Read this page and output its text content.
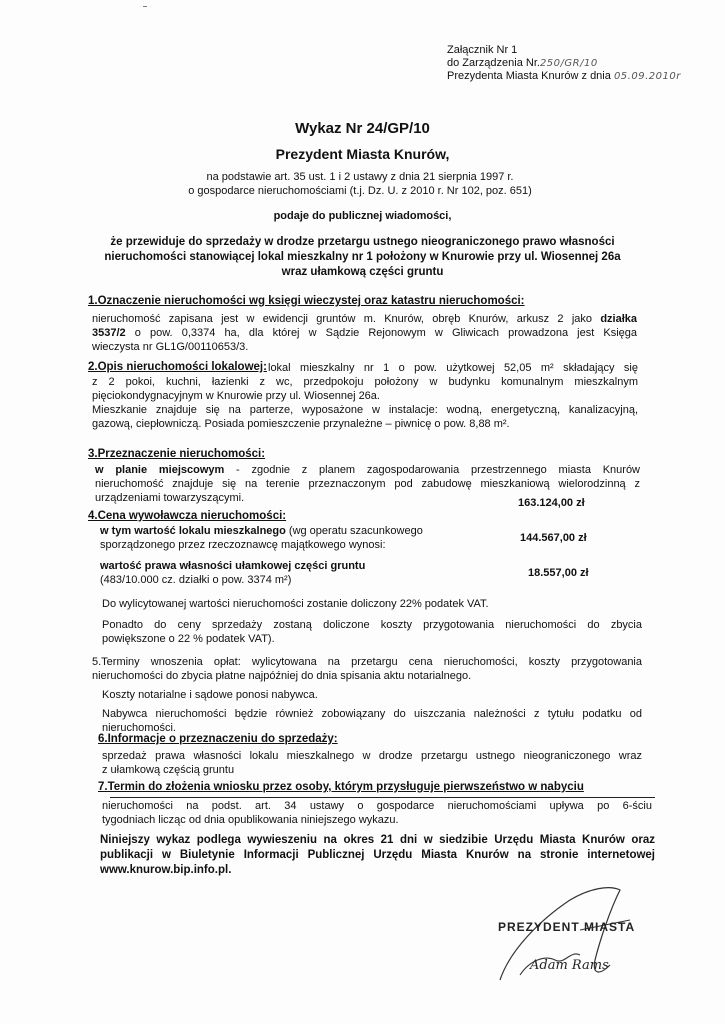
Załącznik Nr 1
do Zarządzenia Nr.250/GR/10
Prezydenta Miasta Knurów z dnia 05.09.2010r
Wykaz Nr 24/GP/10
Prezydent Miasta Knurów,
na podstawie art. 35 ust. 1 i 2 ustawy z dnia 21 sierpnia 1997 r.
o gospodarce nieruchomościami (t.j. Dz. U. z 2010 r. Nr 102, poz. 651)
podaje do publicznej wiadomości,
że przewiduje do sprzedaży w drodze przetargu ustnego nieograniczonego prawo własności
nieruchomości stanowiącej lokal mieszkalny nr 1 położony w Knurowie przy ul. Wiosennej 26a
wraz ułamkową części gruntu
1.Oznaczenie nieruchomości wg księgi wieczystej oraz katastru nieruchomości:
nieruchomość zapisana jest w ewidencji gruntów m. Knurów, obręb Knurów, arkusz 2 jako działka
3537/2 o pow. 0,3374 ha, dla której w Sądzie Rejonowym w Gliwicach prowadzona jest Księga
wieczysta nr GL1G/00110653/3.
2.Opis nieruchomości lokalowej: lokal mieszkalny nr 1 o pow. użytkowej 52,05 m² składający się
z 2 pokoi, kuchni, łazienki z wc, przedpokoju położony w budynku komunalnym mieszkalnym
pięciokondygnacyjnym w Knurowie przy ul. Wiosennej 26a.
Mieszkanie znajduje się na parterze, wyposażone w instalacje: wodną, energetyczną, kanalizacyjną,
gazową, ciepłowniczą. Posiada pomieszczenie przynależne – piwnicę o pow. 8,88 m².
3.Przeznaczenie nieruchomości:
w planie miejscowym - zgodnie z planem zagospodarowania przestrzennego miasta Knurów
nieruchomość znajduje się na terenie przeznaczonym pod zabudowę mieszkaniową wielorodzinną z
urządzeniami towarzyszącymi.
4.Cena wywoławcza nieruchomości:
163.124,00 zł
w tym wartość lokalu mieszkalnego (wg operatu szacunkowego
sporządzonego przez rzeczoznawcę majątkowego wynosi:
144.567,00 zł
wartość prawa własności ułamkowej części gruntu
(483/10.000 cz. działki o pow. 3374 m²)
18.557,00 zł
Do wylicytowanej wartości nieruchomości zostanie doliczony 22% podatek VAT.
Ponadto do ceny sprzedaży zostaną doliczone koszty przygotowania nieruchomości do zbycia
powiększone o 22 % podatek VAT).
5.Terminy wnoszenia opłat: wylicytowana na przetargu cena nieruchomości, koszty przygotowania
nieruchomości do zbycia płatne najpóźniej do dnia spisania aktu notarialnego.
Koszty notarialne i sądowe ponosi nabywca.
Nabywca nieruchomości będzie również zobowiązany do uiszczania należności z tytułu podatku od
nieruchomości.
6.Informacje o przeznaczeniu do sprzedaży:
sprzedaż prawa własności lokalu mieszkalnego w drodze przetargu ustnego nieograniczonego wraz
z ułamkową częścią gruntu
7.Termin do złożenia wniosku przez osoby, którym przysługuje pierwszeństwo w nabyciu
nieruchomości na podst. art. 34 ustawy o gospodarce nieruchomościami upływa po 6-ściu
tygodniach licząc od dnia opublikowania niniejszego wykazu.
Niniejszy wykaz podlega wywieszeniu na okres 21 dni w siedzibie Urzędu Miasta Knurów oraz
publikacji w Biuletynie Informacji Publicznej Urzędu Miasta Knurów na stronie internetowej
www.knurow.bip.info.pl.
PREZYDENT MIASTA
Adam Rams
